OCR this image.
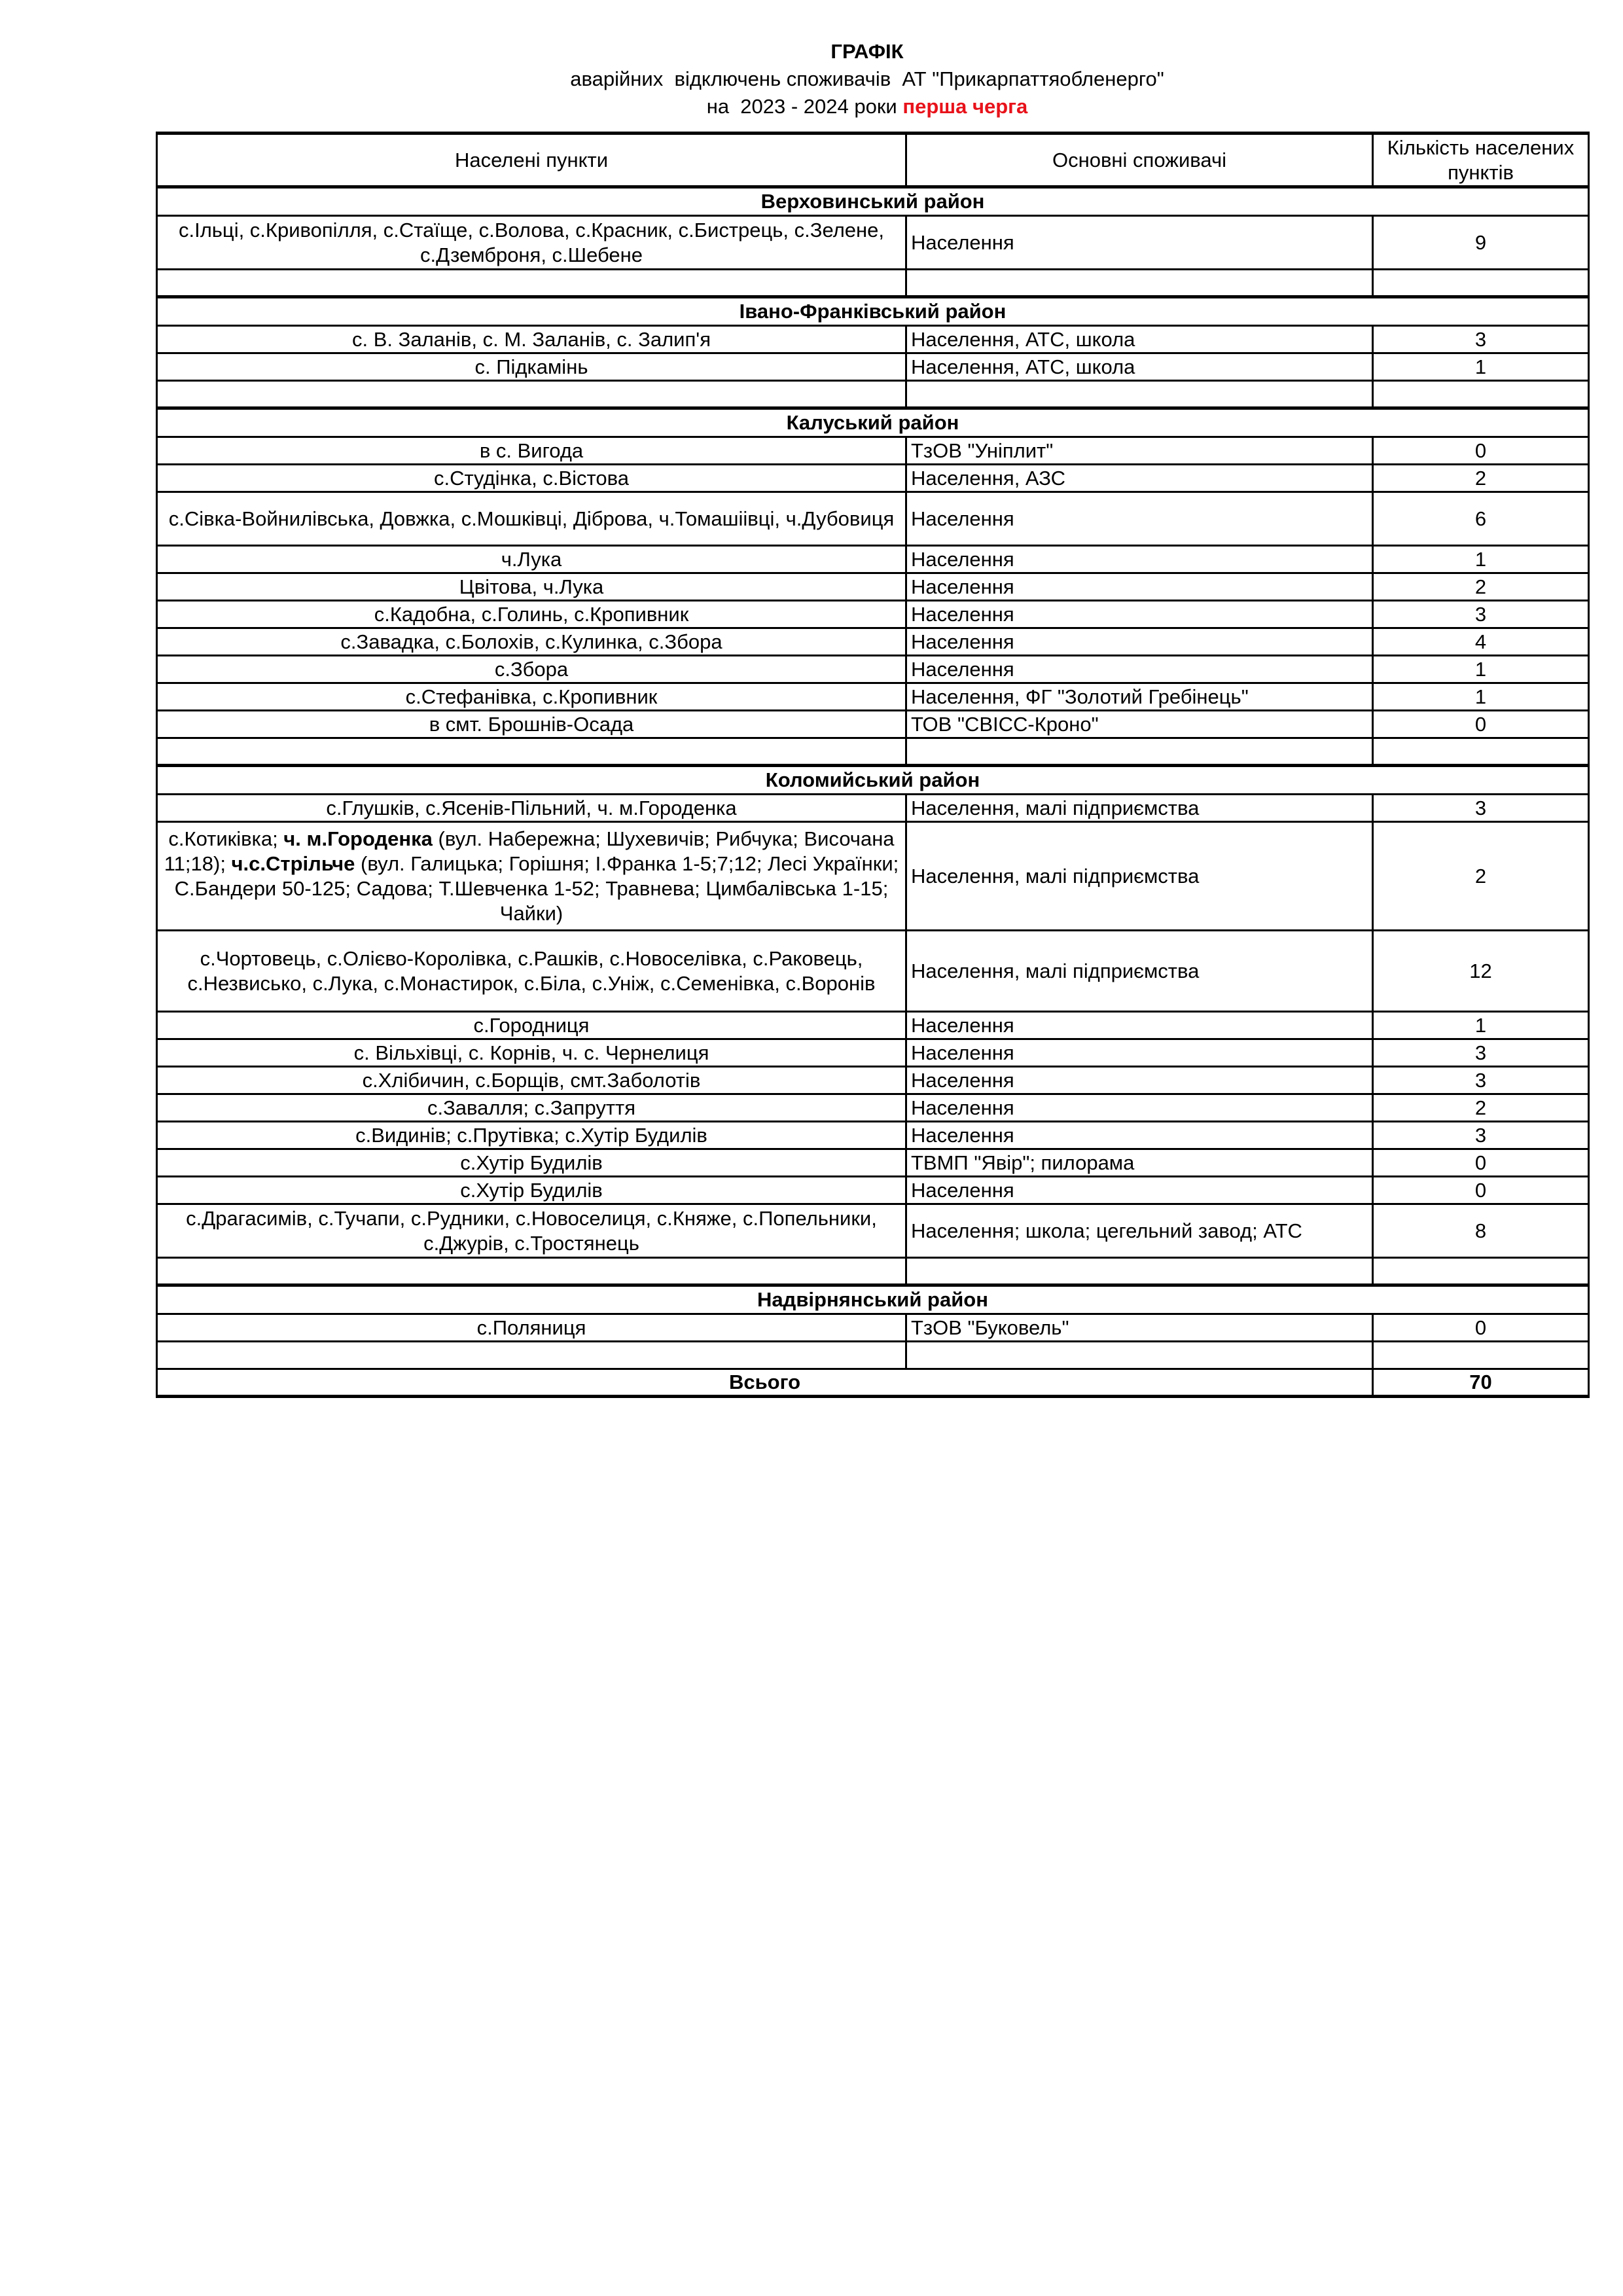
ГРАФІК
аварійних  відключень споживачів  АТ "Прикарпаттяобленерго"
на  2023 - 2024 роки перша черга
Населені пункти	Основні споживачі	Кількість населених пунктів
Верховинський район		
с.Ільці, с.Кривопілля, с.Стаїще, с.Волова, с.Красник, с.Бистрець, с.Зелене, с.Дземброня, с.Шебене	Населення	9

Івано-Франківський район		
с. В. Заланів, с. М. Заланів, с. Залип'я	Населення, АТС, школа	3
с. Підкамінь	Населення, АТС, школа	1

Калуський район		
в с. Вигода	ТзОВ "Уніплит"	0
с.Студінка, с.Вістова	Населення, АЗС	2
с.Сівка-Войнилівська, Довжка, с.Мошківці, Діброва, ч.Томашіівці, ч.Дубовиця	Населення	6
ч.Лука	Населення	1
Цвітова, ч.Лука	Населення	2
с.Кадобна, с.Голинь, с.Кропивник	Населення	3
с.Завадка, с.Болохів, с.Кулинка, с.Збора	Населення	4
с.Збора	Населення	1
с.Стефанівка, с.Кропивник	Населення, ФГ "Золотий Гребінець"	1
в смт. Брошнів-Осада	ТОВ "СВІСС-Кроно"	0

Коломийський район		
с.Глушків, с.Ясенів-Пільний, ч. м.Городенка	Населення, малі підприємства	3
с.Котиківка; ч. м.Городенка (вул. Набережна; Шухевичів; Рибчука; Височана 11;18); ч.с.Стрільче (вул. Галицька; Горішня; І.Франка 1-5;7;12; Лесі Українки; С.Бандери 50-125; Садова; Т.Шевченка 1-52; Травнева; Цимбалівська 1-15; Чайки)	Населення, малі підприємства	2
с.Чортовець, с.Олієво-Королівка, с.Рашків, с.Новоселівка, с.Раковець, с.Незвисько, с.Лука, с.Монастирок, с.Біла, с.Уніж, с.Семенівка, с.Воронів	Населення, малі підприємства	12
с.Городниця	Населення	1
с. Вільхівці, с. Корнів, ч. с. Чернелиця	Населення	3
с.Хлібичин, с.Борщів, смт.Заболотів	Населення	3
с.Завалля; с.Запруття	Населення	2
с.Видинів; с.Прутівка; с.Хутір Будилів	Населення	3
с.Хутір Будилів	ТВМП "Явір"; пилорама	0
с.Хутір Будилів	Населення	0
с.Драгасимів, с.Тучапи, с.Рудники, с.Новоселиця, с.Княже, с.Попельники, с.Джурів, с.Тростянець	Населення; школа; цегельний завод; АТС	8

Надвірнянський район		
с.Поляниця	ТзОВ "Буковель"	0

Всього		70
